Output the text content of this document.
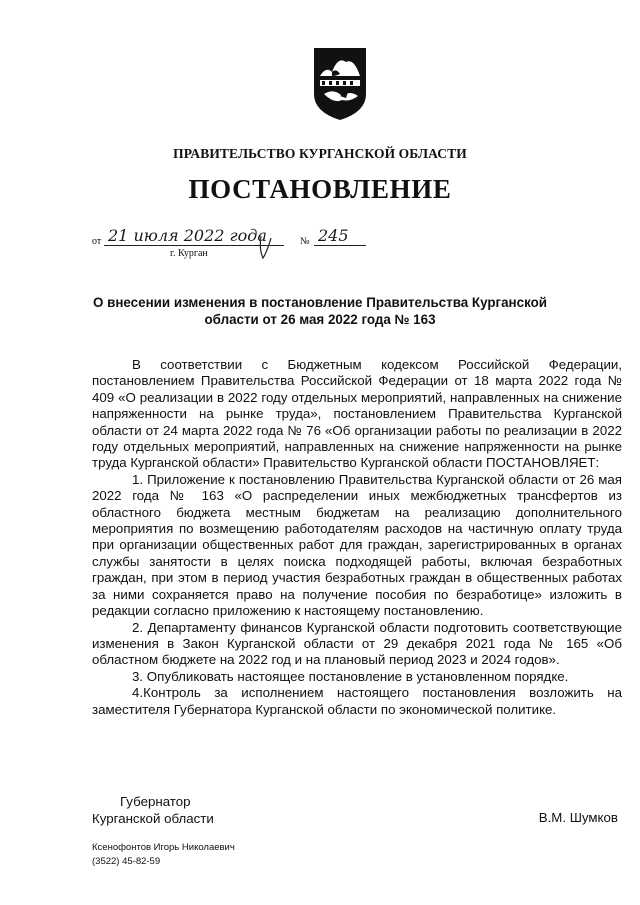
ПРАВИТЕЛЬСТВО КУРГАНСКОЙ ОБЛАСТИ
ПОСТАНОВЛЕНИЕ
от 21 июля 2022 года	№ 245
г. Курган
О внесении изменения в постановление Правительства Курганской области от 26 мая 2022 года № 163

В соответствии с Бюджетным кодексом Российской Федерации, постановлением Правительства Российской Федерации от 18 марта 2022 года № 409 «О реализации в 2022 году отдельных мероприятий, направленных на снижение напряженности на рынке труда», постановлением Правительства Курганской области от 24 марта 2022 года № 76 «Об организации работы по реализации в 2022 году отдельных мероприятий, направленных на снижение напряженности на рынке труда Курганской области» Правительство Курганской области ПОСТАНОВЛЯЕТ:

1. Приложение к постановлению Правительства Курганской области от 26 мая 2022 года № 163 «О распределении иных межбюджетных трансфертов из областного бюджета местным бюджетам на реализацию дополнительного мероприятия по возмещению работодателям расходов на частичную оплату труда при организации общественных работ для граждан, зарегистрированных в органах службы занятости в целях поиска подходящей работы, включая безработных граждан, при этом в период участия безработных граждан в общественных работах за ними сохраняется право на получение пособия по безработице» изложить в редакции согласно приложению к настоящему постановлению.

2. Департаменту финансов Курганской области подготовить соответствующие изменения в Закон Курганской области от 29 декабря 2021 года № 165 «Об областном бюджете на 2022 год и на плановый период 2023 и 2024 годов».

3. Опубликовать настоящее постановление в установленном порядке.

4.Контроль за исполнением настоящего постановления возложить на заместителя Губернатора Курганской области по экономической политике.

Губернатор
Курганской области	В.М. Шумков
Ксенофонтов Игорь Николаевич
(3522) 45-82-59
